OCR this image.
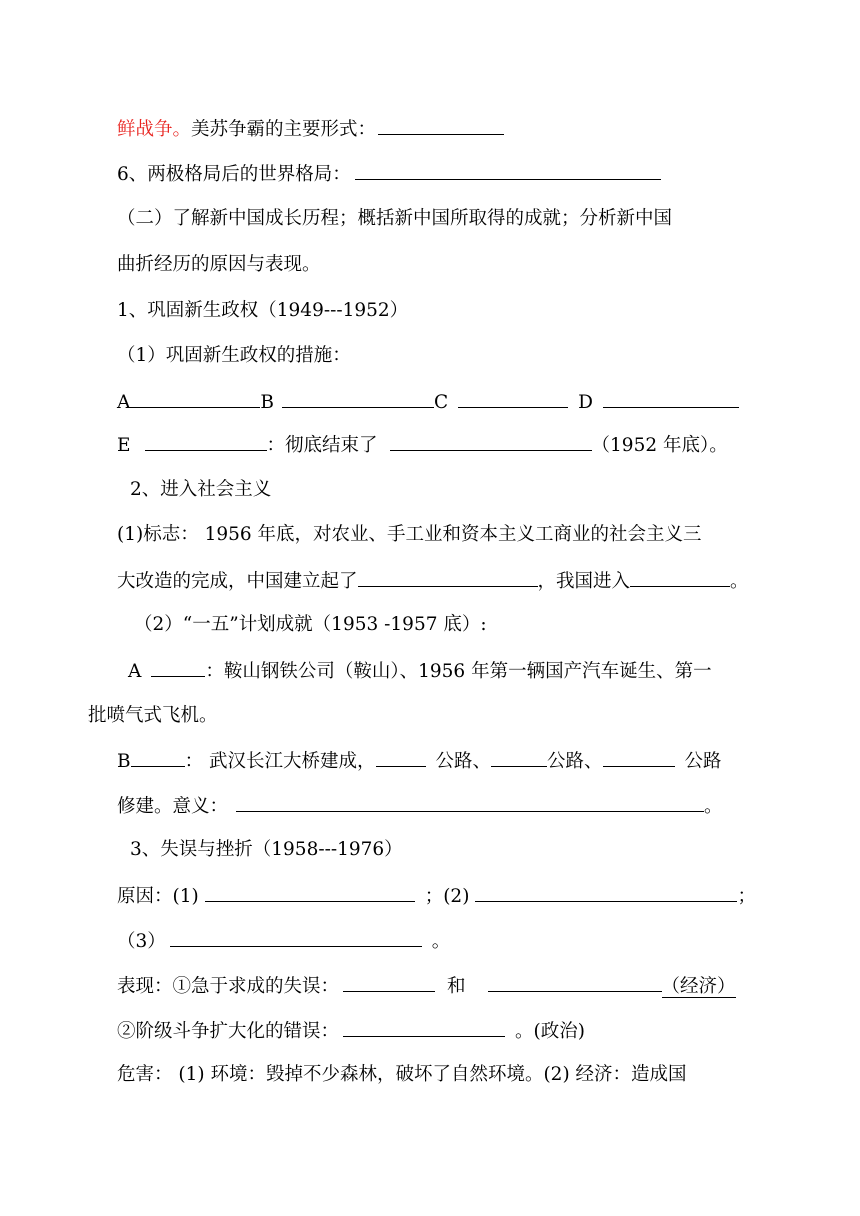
鲜战争。美苏争霸的主要形式：
6、两极格局后的世界格局：
（二）了解新中国成长历程；概括新中国所取得的成就；分析新中国
曲折经历的原因与表现。
1、巩固新生政权（1949---1952）
（1）巩固新生政权的措施：
A	B	C	D
E	：彻底结束了	（1952 年底）。
2、进入社会主义
(1)标志： 1956 年底，对农业、手工业和资本主义工商业的社会主义三
大改造的完成，中国建立起了	，我国进入	。
（2）“一五”计划成就（1953 -1957 底）:
A	：鞍山钢铁公司（鞍山）、1956 年第一辆国产汽车诞生、第一
批喷气式飞机。
B	： 武汉长江大桥建成，	公路、	公路、	公路
修建。意义：	。
3、失误与挫折（1958---1976）
原因：(1)	；(2)	；
（3）	。
表现：①急于求成的失误：	和	（经济）
②阶级斗争扩大化的错误：	。(政治)
危害： (1) 环境：毁掉不少森林，破坏了自然环境。(2) 经济：造成国
